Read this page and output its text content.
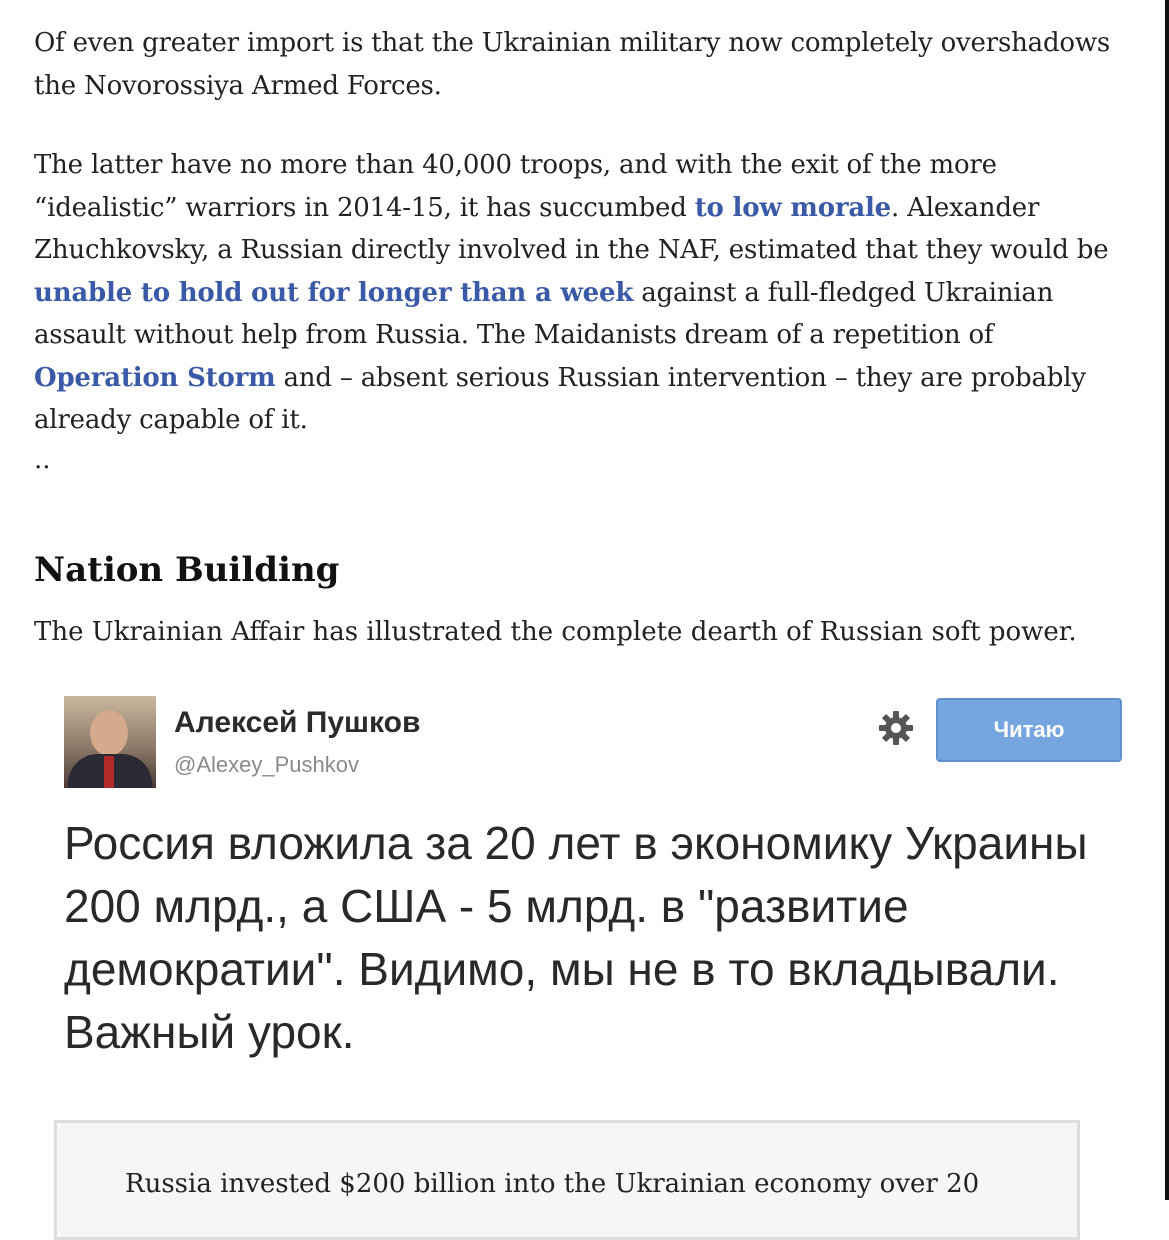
Of even greater import is that the Ukrainian military now completely overshadows the Novorossiya Armed Forces.

The latter have no more than 40,000 troops, and with the exit of the more “idealistic” warriors in 2014-15, it has succumbed to low morale. Alexander Zhuchkovsky, a Russian directly involved in the NAF, estimated that they would be unable to hold out for longer than a week against a full-fledged Ukrainian assault without help from Russia. The Maidanists dream of a repetition of Operation Storm and – absent serious Russian intervention – they are probably already capable of it.

..
Nation Building

The Ukrainian Affair has illustrated the complete dearth of Russian soft power.

Алексей Пушков
@Alexey_Pushkov
Читаю

Россия вложила за 20 лет в экономику Украины 200 млрд., а США - 5 млрд. в "развитие демократии". Видимо, мы не в то вкладывали. Важный урок.

Russia invested $200 billion into the Ukrainian economy over 20
